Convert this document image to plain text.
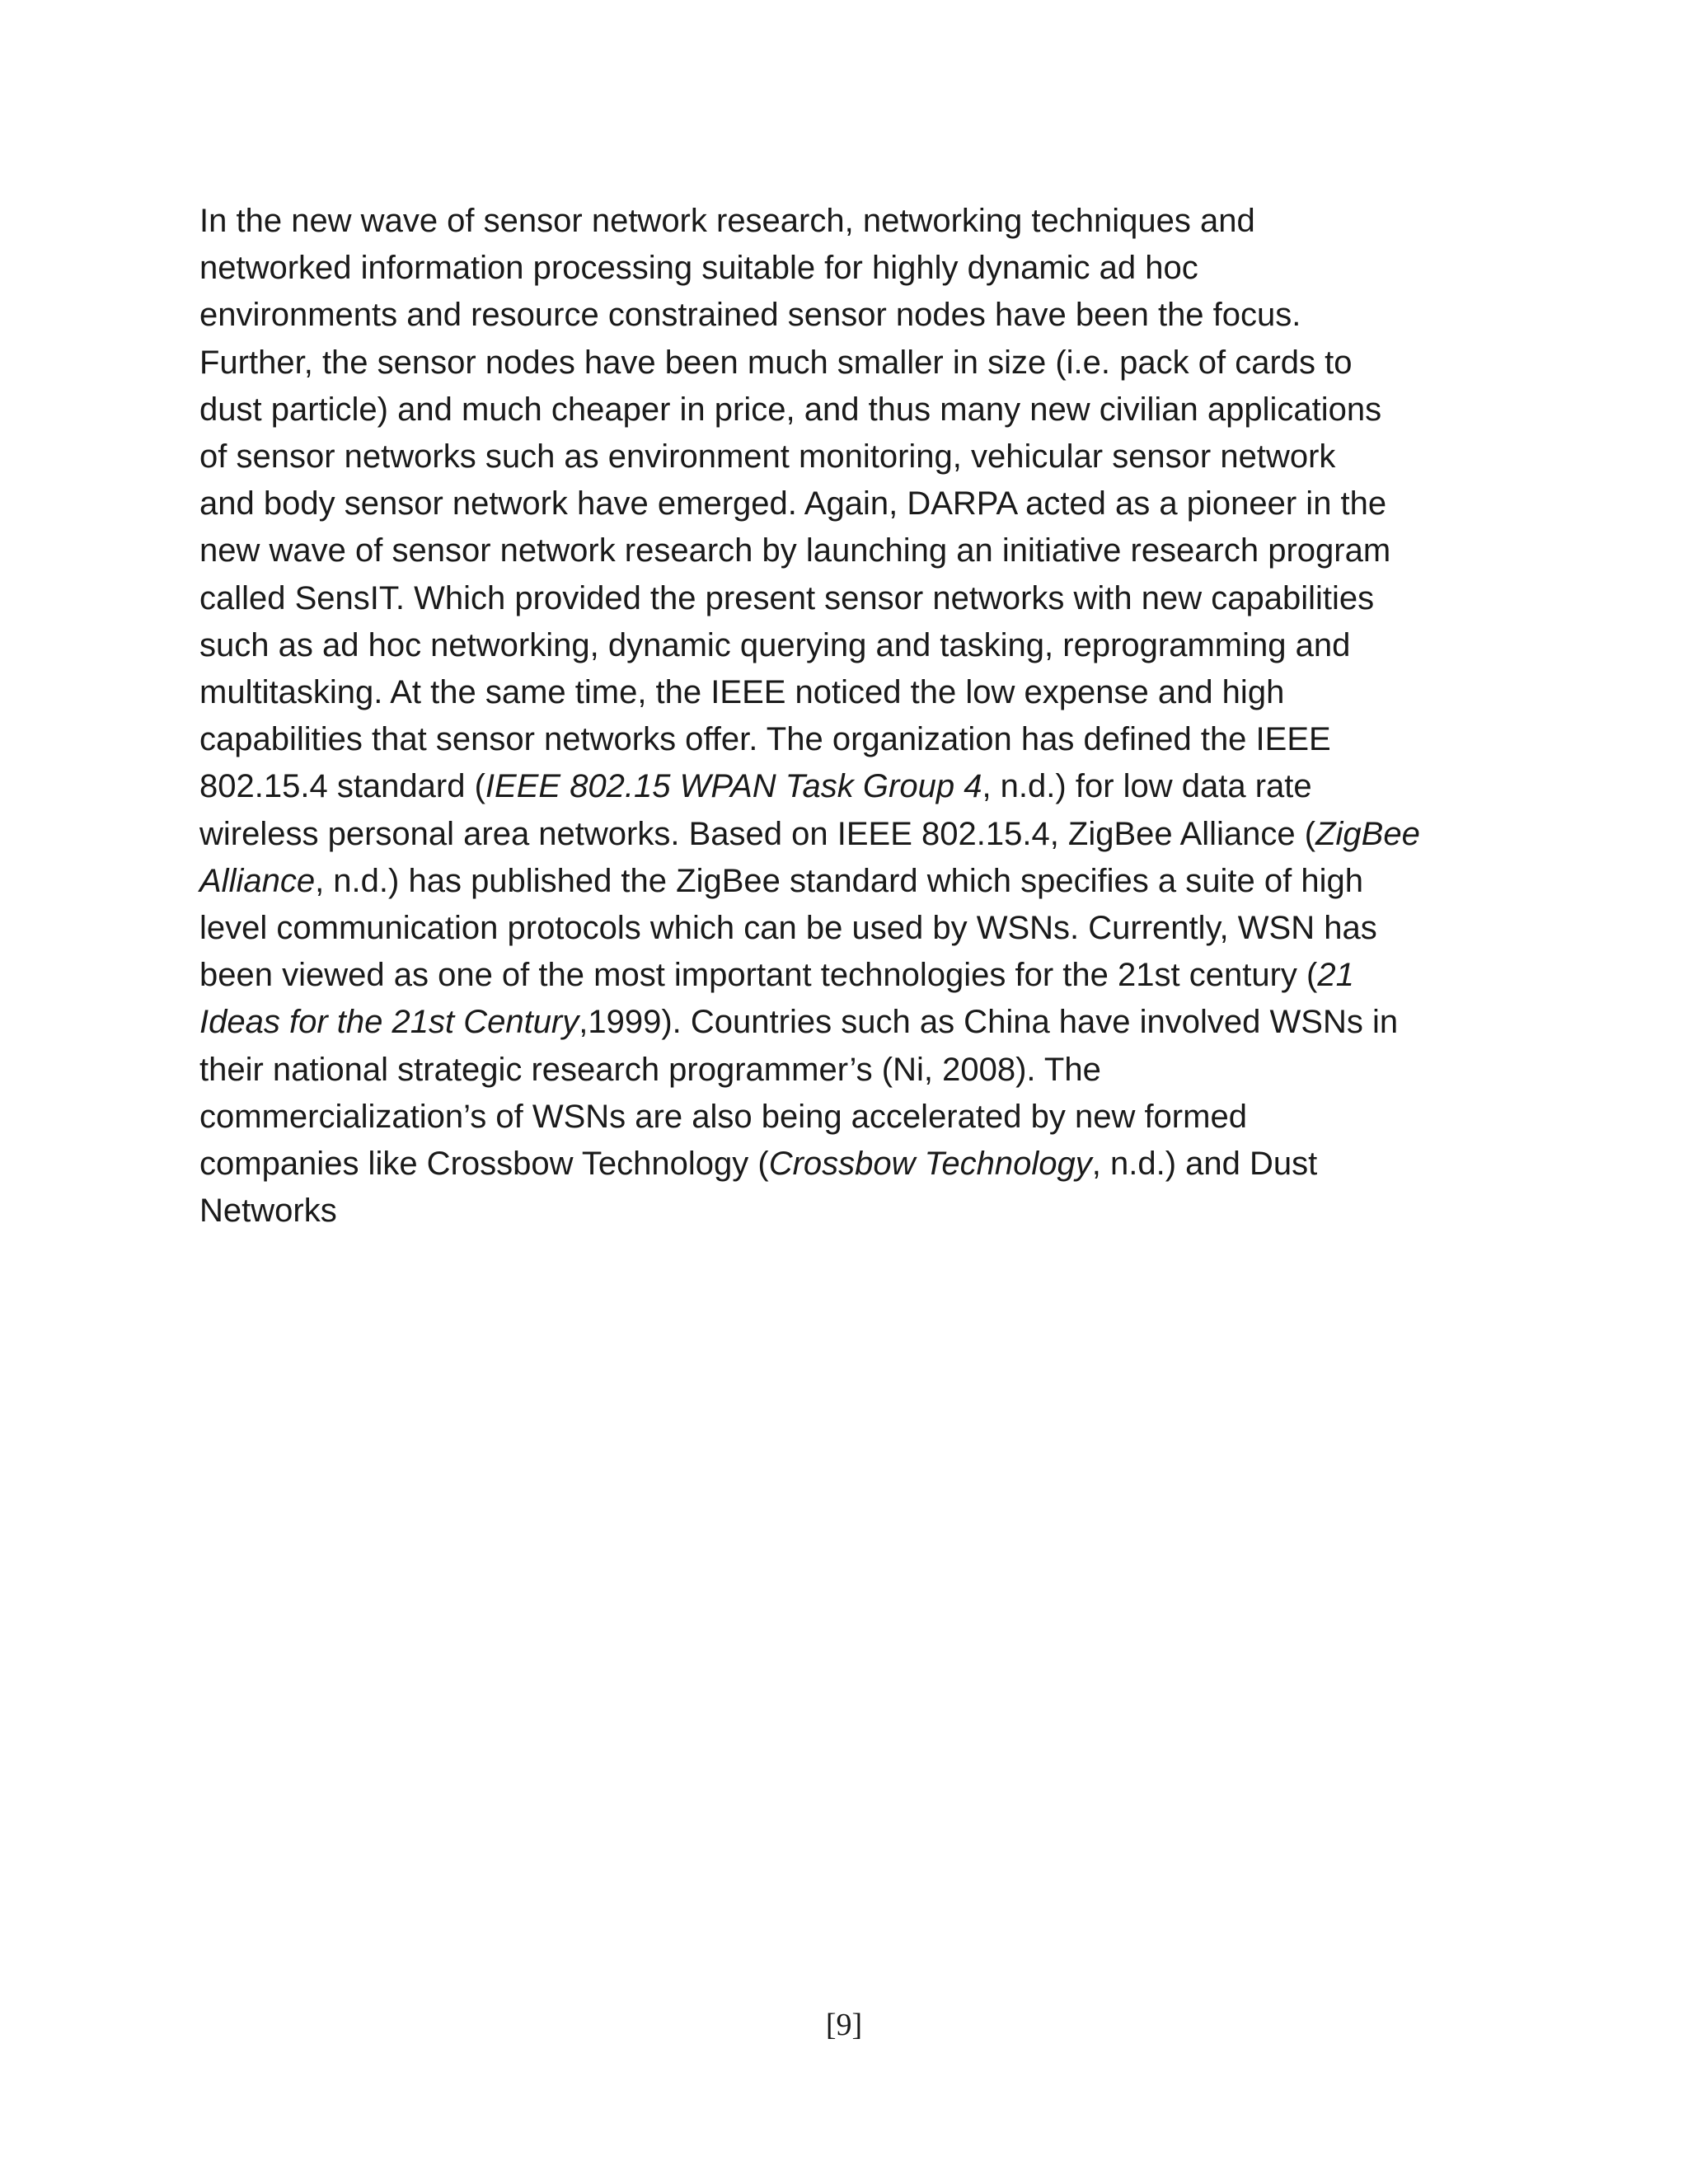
In the new wave of sensor network research, networking techniques and
networked information processing suitable for highly dynamic ad hoc
environments and resource constrained sensor nodes have been the focus.
Further, the sensor nodes have been much smaller in size (i.e. pack of cards to
dust particle) and much cheaper in price, and thus many new civilian applications
of sensor networks such as environment monitoring, vehicular sensor network
and body sensor network have emerged. Again, DARPA acted as a pioneer in the
new wave of sensor network research by launching an initiative research program
called SensIT. Which provided the present sensor networks with new capabilities
such as ad hoc networking, dynamic querying and tasking, reprogramming and
multitasking. At the same time, the IEEE noticed the low expense and high
capabilities that sensor networks offer. The organization has defined the IEEE
802.15.4 standard (IEEE 802.15 WPAN Task Group 4, n.d.) for low data rate
wireless personal area networks. Based on IEEE 802.15.4, ZigBee Alliance (ZigBee
Alliance, n.d.) has published the ZigBee standard which specifies a suite of high
level communication protocols which can be used by WSNs. Currently, WSN has
been viewed as one of the most important technologies for the 21st century (21
Ideas for the 21st Century,1999). Countries such as China have involved WSNs in
their national strategic research programmer’s (Ni, 2008). The
commercialization’s of WSNs are also being accelerated by new formed
companies like Crossbow Technology (Crossbow Technology, n.d.) and Dust
Networks
[9]
